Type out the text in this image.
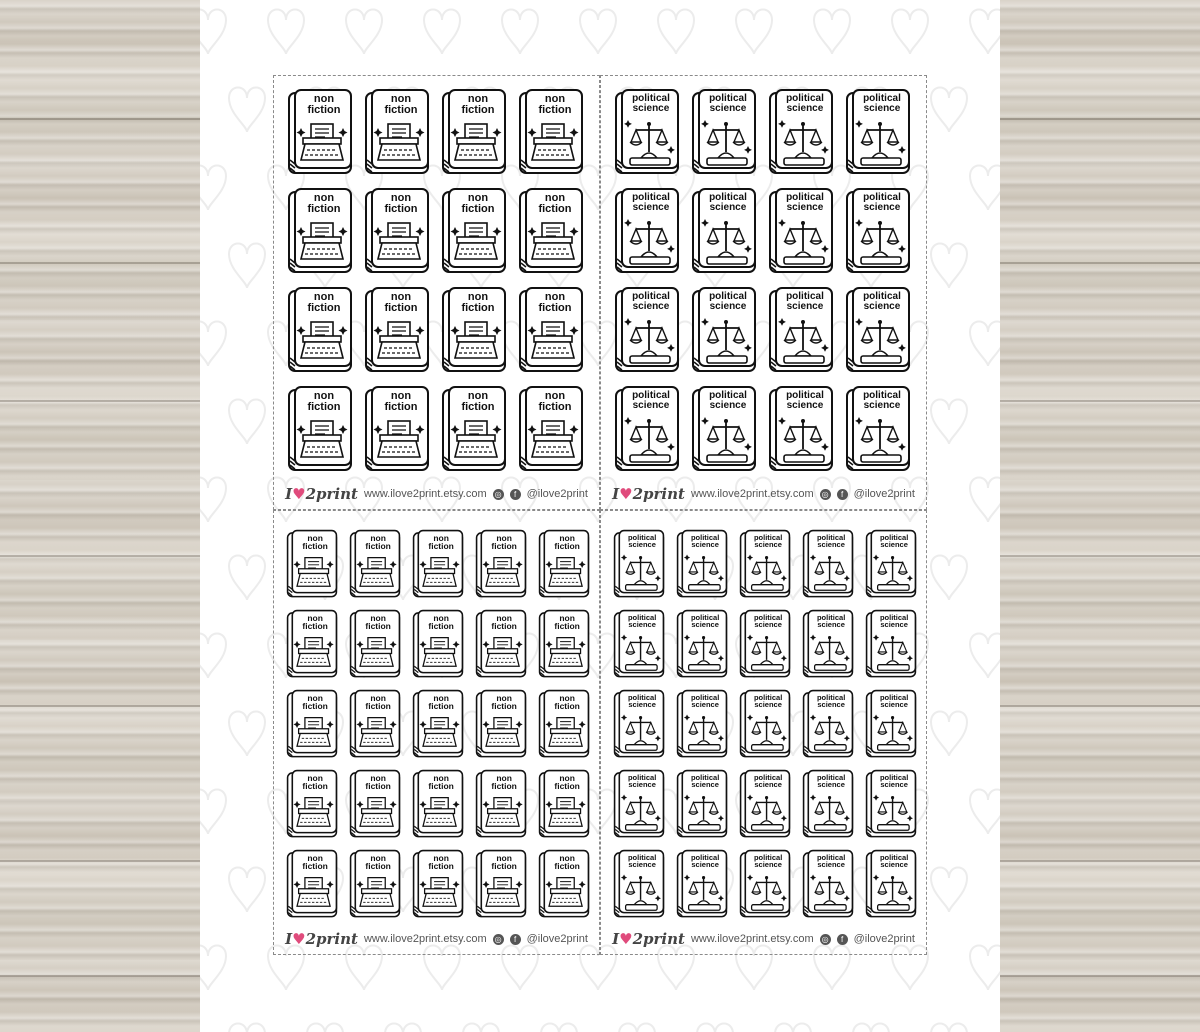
non
fiction
non
fiction
non
fiction
non
fiction
non
fiction
non
fiction
non
fiction
non
fiction
non
fiction
non
fiction
non
fiction
non
fiction
non
fiction
non
fiction
non
fiction
non
fiction
I♥2print www.ilove2print.etsy.com ◎	f @ilove2print
political
science
political
science
political
science
political
science
political
science
political
science
political
science
political
science
political
science
political
science
political
science
political
science
political
science
political
science
political
science
political
science
I♥2print www.ilove2print.etsy.com ◎	f @ilove2print
non
fiction
non
fiction
non
fiction
non
fiction
non
fiction
non
fiction
non
fiction
non
fiction
non
fiction
non
fiction
non
fiction
non
fiction
non
fiction
non
fiction
non
fiction
non
fiction
non
fiction
non
fiction
non
fiction
non
fiction
non
fiction
non
fiction
non
fiction
non
fiction
non
fiction
I♥2print www.ilove2print.etsy.com ◎	f @ilove2print
political
science
political
science
political
science
political
science
political
science
political
science
political
science
political
science
political
science
political
science
political
science
political
science
political
science
political
science
political
science
political
science
political
science
political
science
political
science
political
science
political
science
political
science
political
science
political
science
political
science
I♥2print www.ilove2print.etsy.com ◎	f @ilove2print
